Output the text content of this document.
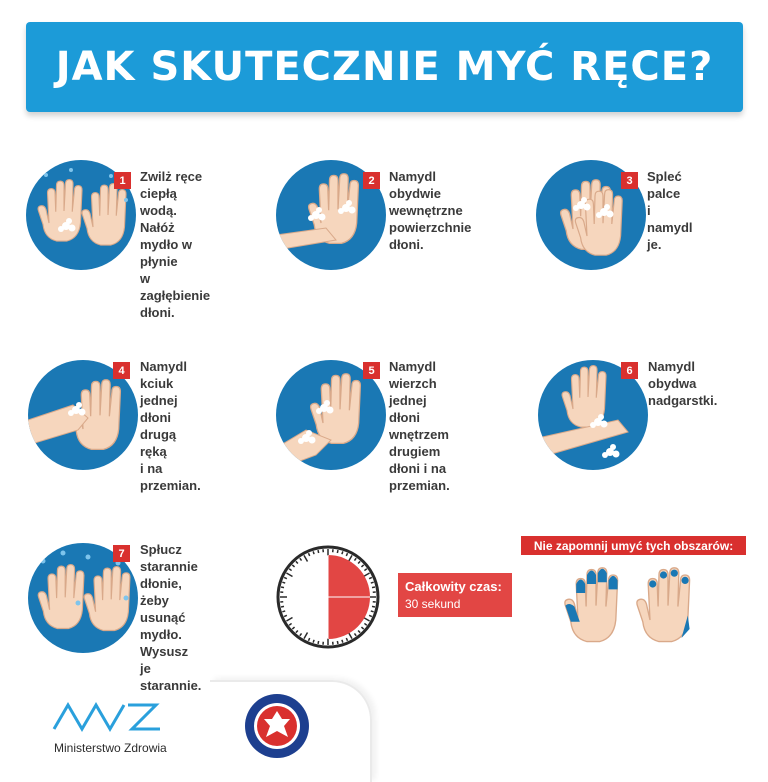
JAK SKUTECZNIE MYĆ RĘCE?
1	Zwilż ręce ciepłą
wodą. Nałóż
mydło w płynie
w zagłębienie
dłoni.
2	Namydl obydwie
wewnętrzne
powierzchnie dłoni.
3	Spleć palce
i namydl je.
4	Namydl kciuk
jednej dłoni
drugą ręką
i na przemian.
5	Namydl wierzch
jednej dłoni
wnętrzem drugiem
dłoni i na przemian.
6	Namydl obydwa
nadgarstki.
7	Spłucz starannie
dłonie, żeby usunąć
mydło. Wysusz je
starannie.
Całkowity czas:
30 sekund
Nie zapomnij umyć tych obszarów:
Ministerstwo Zdrowia
